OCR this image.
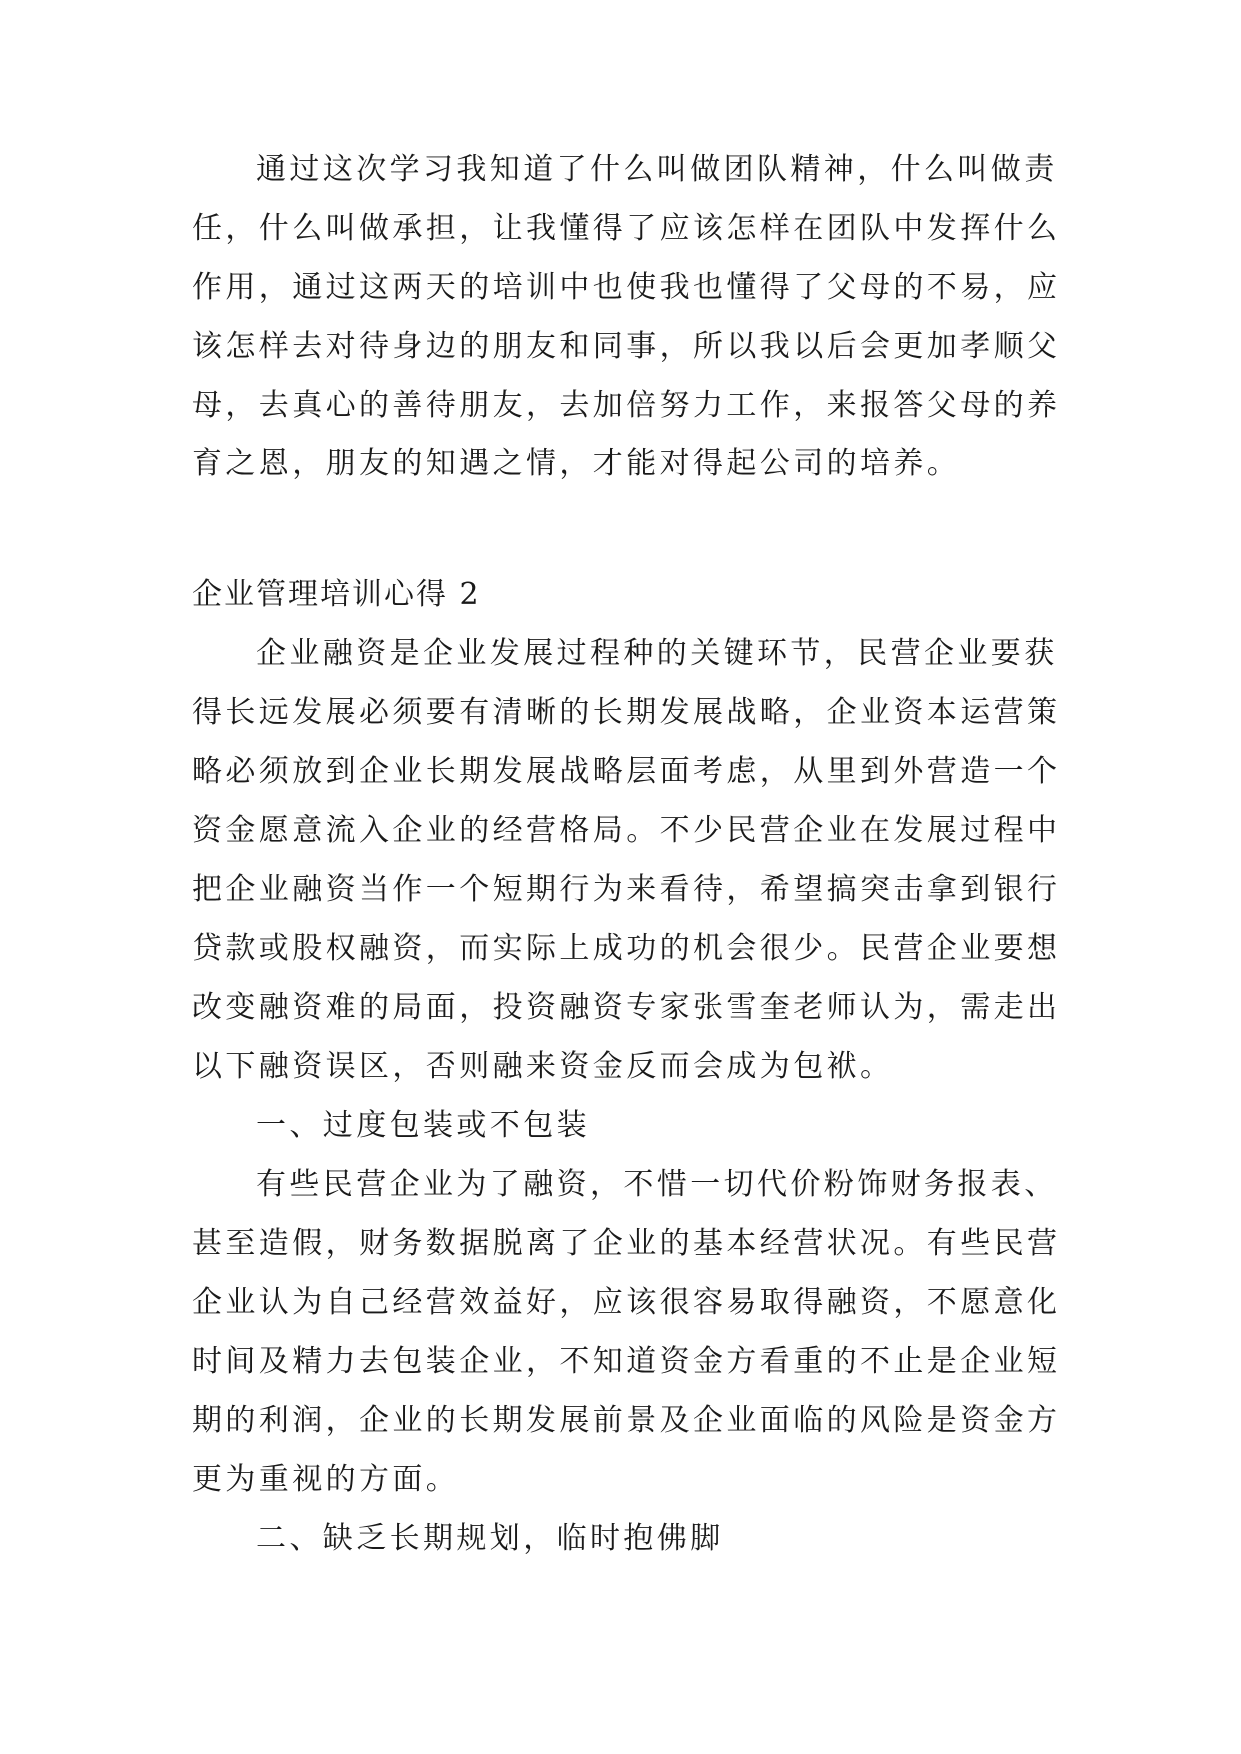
通过这次学习我知道了什么叫做团队精神，什么叫做责
任，什么叫做承担，让我懂得了应该怎样在团队中发挥什么
作用，通过这两天的培训中也使我也懂得了父母的不易，应
该怎样去对待身边的朋友和同事，所以我以后会更加孝顺父
母，去真心的善待朋友，去加倍努力工作，来报答父母的养
育之恩，朋友的知遇之情，才能对得起公司的培养。
企业管理培训心得 2
企业融资是企业发展过程种的关键环节，民营企业要获
得长远发展必须要有清晰的长期发展战略，企业资本运营策
略必须放到企业长期发展战略层面考虑，从里到外营造一个
资金愿意流入企业的经营格局。不少民营企业在发展过程中
把企业融资当作一个短期行为来看待，希望搞突击拿到银行
贷款或股权融资，而实际上成功的机会很少。民营企业要想
改变融资难的局面，投资融资专家张雪奎老师认为，需走出
以下融资误区，否则融来资金反而会成为包袱。
一、过度包装或不包装
有些民营企业为了融资，不惜一切代价粉饰财务报表、
甚至造假，财务数据脱离了企业的基本经营状况。有些民营
企业认为自己经营效益好，应该很容易取得融资，不愿意化
时间及精力去包装企业，不知道资金方看重的不止是企业短
期的利润，企业的长期发展前景及企业面临的风险是资金方
更为重视的方面。
二、缺乏长期规划，临时抱佛脚
